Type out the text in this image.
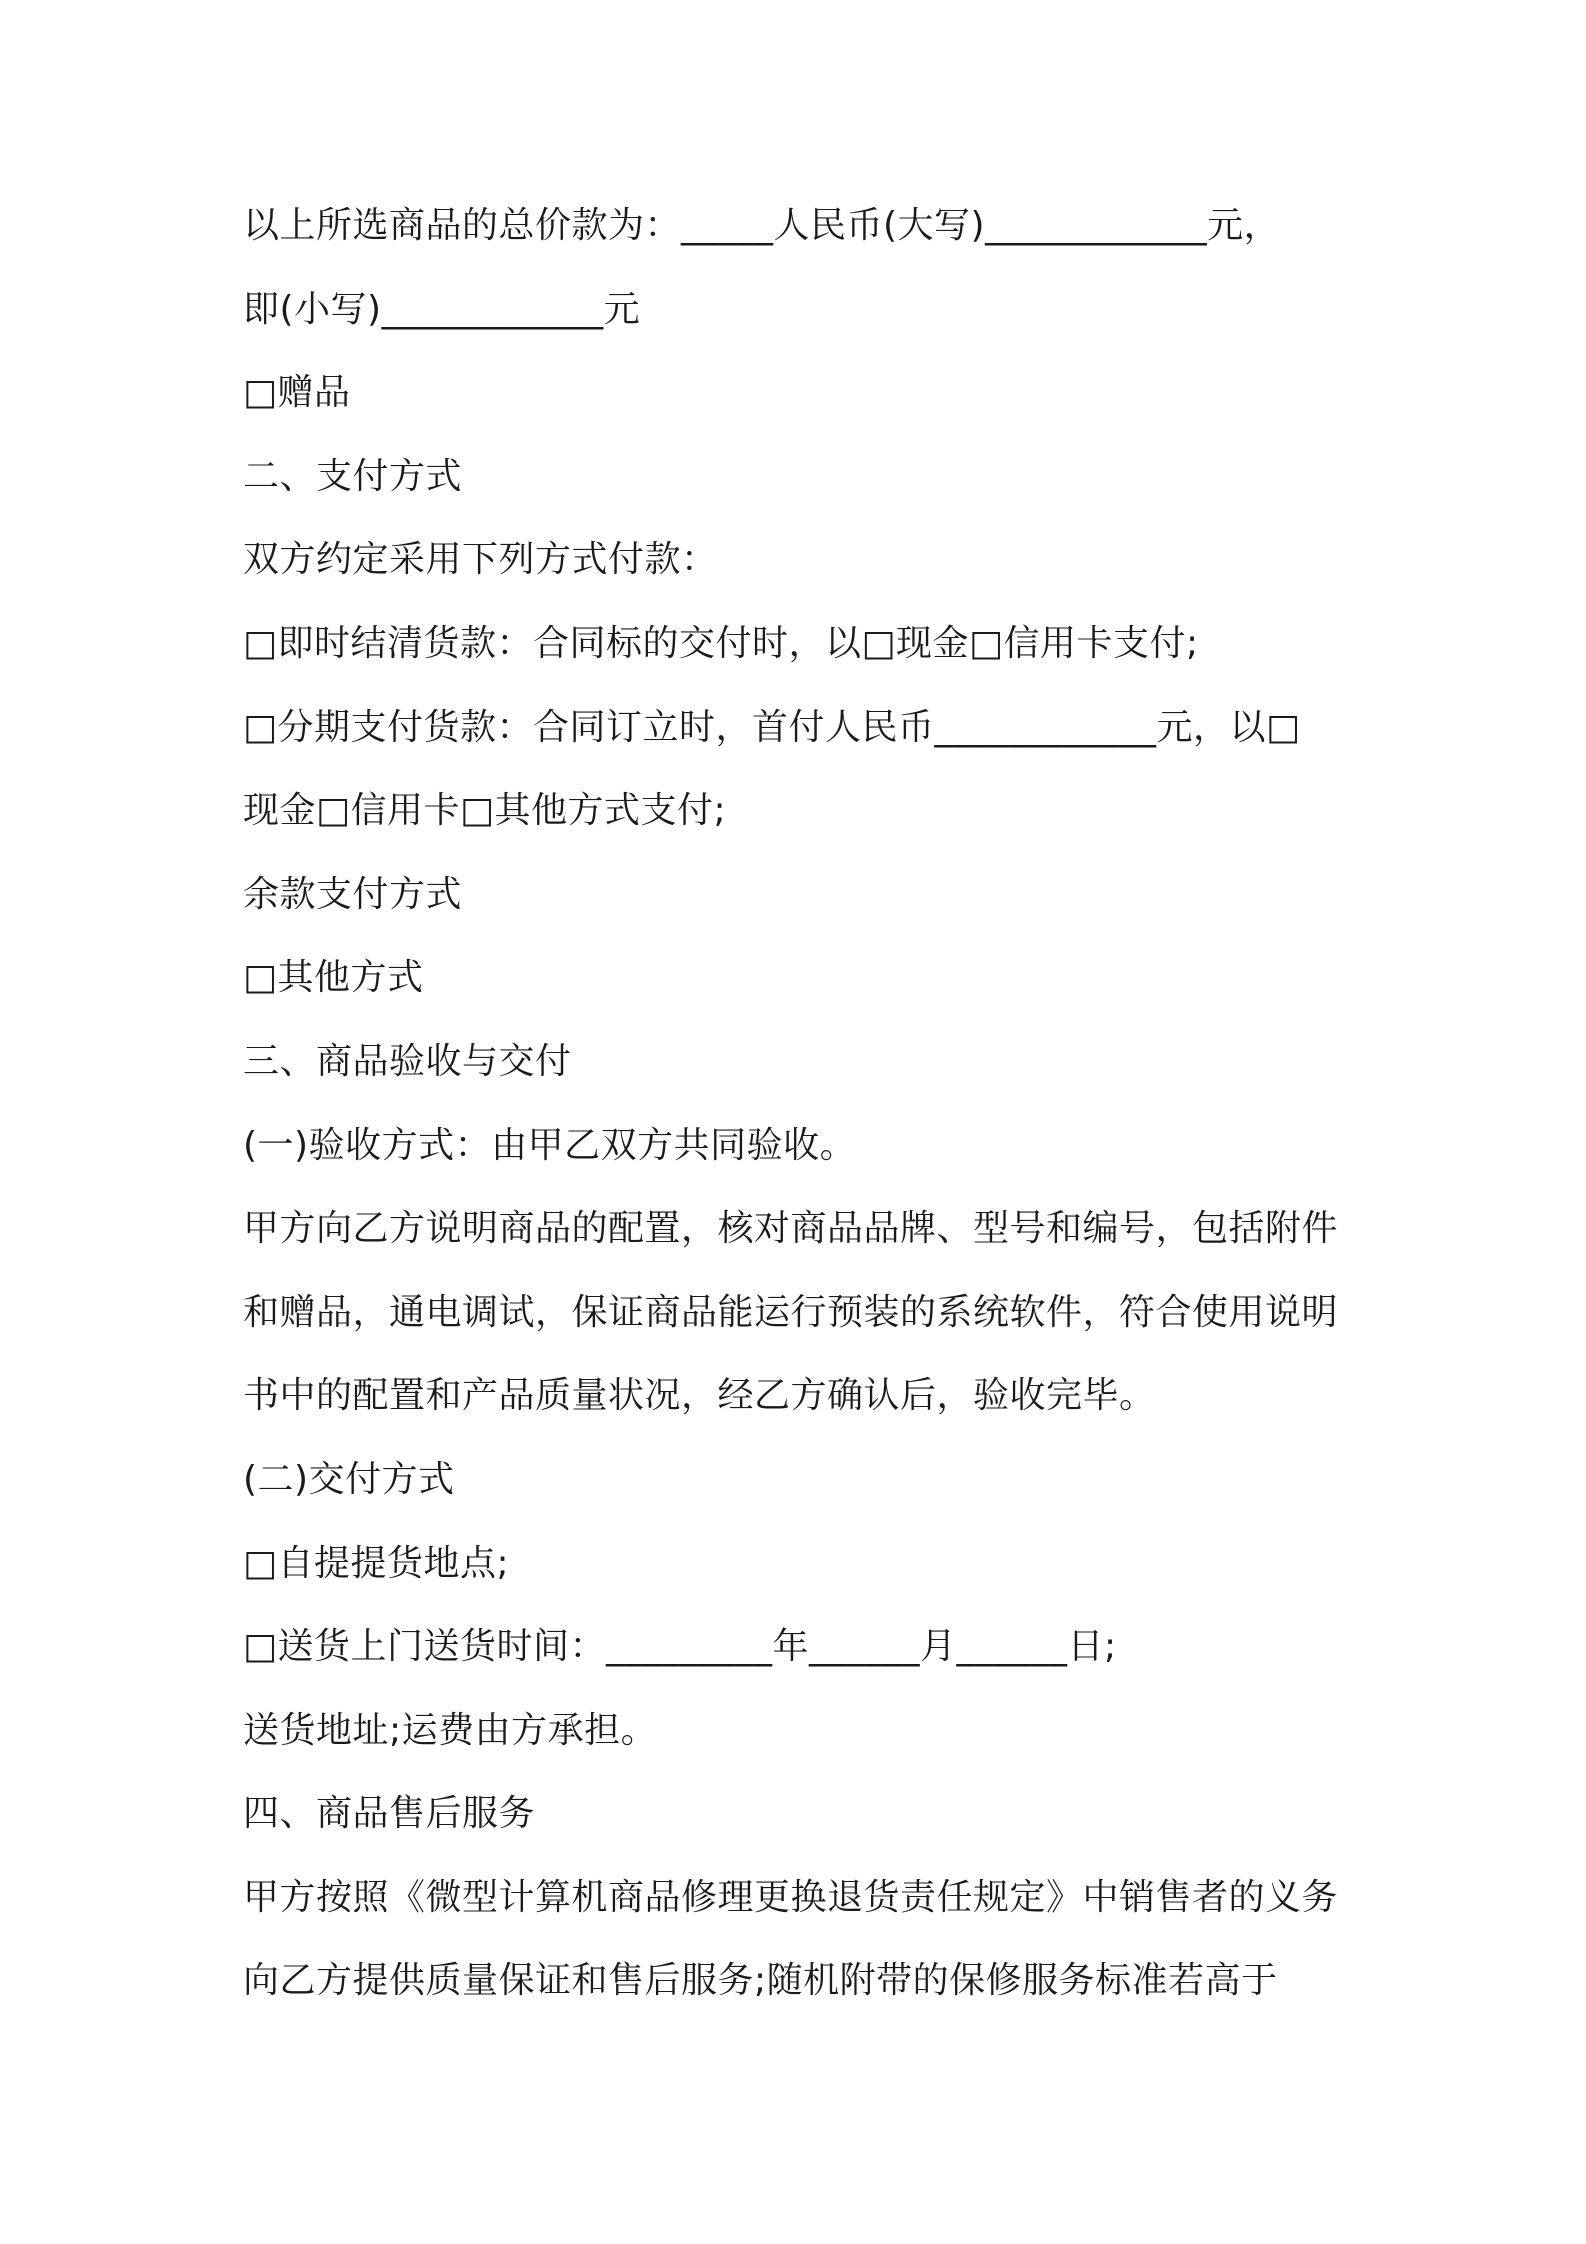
以上所选商品的总价款为：_____人民币(大写)____________元，
即(小写)____________元
□赠品
二、支付方式
双方约定采用下列方式付款：
□即时结清货款：合同标的交付时，以□现金□信用卡支付;
□分期支付货款：合同订立时，首付人民币____________元，以□
现金□信用卡□其他方式支付;
余款支付方式
□其他方式
三、商品验收与交付
(一)验收方式：由甲乙双方共同验收。
甲方向乙方说明商品的配置，核对商品品牌、型号和编号，包括附件
和赠品，通电调试，保证商品能运行预装的系统软件，符合使用说明
书中的配置和产品质量状况，经乙方确认后，验收完毕。
(二)交付方式
□自提提货地点;
□送货上门送货时间：_________年______月______日;
送货地址;运费由方承担。
四、商品售后服务
甲方按照《微型计算机商品修理更换退货责任规定》中销售者的义务
向乙方提供质量保证和售后服务;随机附带的保修服务标准若高于
